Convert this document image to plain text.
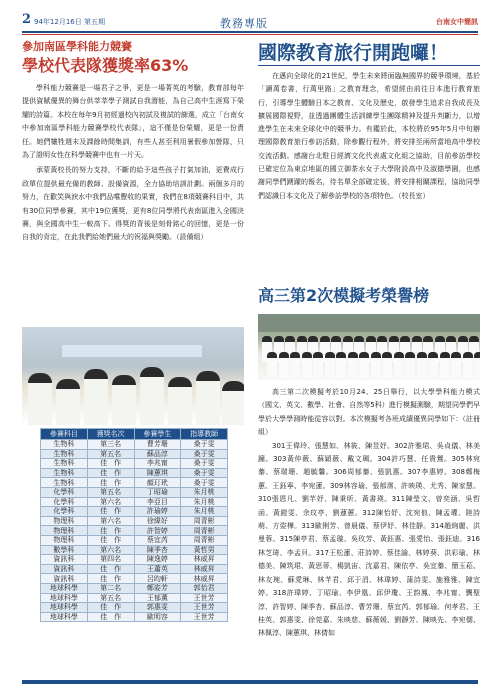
2 94年12月16日 第五期	教務專版	台南女中簡訊
參加南區學科能力競賽
學校代表隊獲獎率63%

學科能力競賽是一場君子之爭，更是一場菁英的考驗，教育部每年提供資賦優異的舞台供莘莘學子測試自我潛能，為自己高中生涯寫下榮耀的詩篇。本校在每年9月初經過校內初試及複試的篩選，成立「台南女中參加南區學科能力競賽學校代表隊」，這不僅是份榮耀，更是一份責任。她們犧牲週末及課餘時間集訓，有些人甚至利用暑假參加營隊，只為了證明女性在科學競賽中也有一片天。

承蒙黃校長的努力支持，不斷的給予這些孩子打氣加油，更費成行政單位提供最充備的教師、設備資源，全力協助培訓計劃。兩個多月的努力，在歡笑與淚水中我們品嚐豐收的果實，我們在8項競賽科目中，共有30位同學參賽，其中19位獲獎，更有8位同學將代表南區進入全國決賽，與全國高中生一較高下。得獎的背後是刻骨銘心的回憶，更是一份自我的肯定，在此我們給她們最大的祝福與獎勵。（設備組）

參賽科目	獲獎名次	參賽學生	指導教師
生物科	第三名	曹芳珊	桑于雯
生物科	第五名	蘇品淳	桑于雯
生物科	佳　作	李兆甯	桑于雯
生物科	佳　作	陳蕙琪	桑于雯
生物科	佳　作	顏玎玳	桑于雯
化學科	第五名	丁昭瑜	朱月桃
化學科	第六名	李亞目	朱月桃
化學科	佳　作	許瑜婷	朱月桃
物理科	第六名	徐緯好	周青彬
物理科	佳　作	許智婷	周青彬
物理科	佳　作	蔡宜芮	周青彬
數學科	第六名	陳季杏	黃哲男
資訊科	第四名	陳逸婷	林威昇
資訊科	佳　作	王蕭英	林威昇
資訊科	佳　作	呂昀軒	林威昇
地球科學	第二名	鄭姿芳	郭怡君
地球科學	第五名	王郁薰	王世芳
地球科學	佳　作	郭惠雯	王世芳
地球科學	佳　作	歐明容	王世芳
國際教育旅行開跑囉！

在邁向全球化的21世紀，學生未來將面臨無國界的競爭環境，基於「讀萬卷書，行萬里路」之教育理念，希望經由前往日本進行教育旅行，引導學生體驗日本之教育、文化及歷史，啟發學生追求自我成長及擴展國際視野，並透過團體生活訓練學生團隊精神及提升判斷力，以增進學生在未來全球化中的競爭力。有鑑於此，本校將於95年5月中旬辦理國際教育旅行參訪活動，除參觀行程外，將安排至兩所當地高中學校交流活動。感謝台北駐日經濟文化代表處文化組之協助，目前參訪學校已確定位為東京地區的國立御茶水女子大學附設高中及淑德學園，也感謝同學們踴躍的報名，待名單全部確定後，將安排相關課程，協助同學們認識日本文化及了解參訪學校的各項特色。（校長室）

高三第2次模擬考榮譽榜

高三第二次模擬考於10月24、25日舉行，以大學學科能力模式（國文、英文、數學、社會、自然等5科）進行模擬測驗，期望同學們早學於大學學測時能從容以對。本次模擬考各班成績優異同學如下：（註冊組）

301王偉玲、張慧如、林筱、陳昱妤。302許雅珺、吳貞儀、林美鐘。303黃仲薇、蘇穎薇、戴文珮。304許巧慧、任貴鶯。305林宛蓁、蔡瑞珊、趙毓馨。306周郁蓁、張凱惠。307李惠婷。308鄭梅蕙、王鈺寧、李宛蓮。309林容瑜、張郁霈、許映瑛、尤秀、陳家慧。310張恩凡、劉芊妤、陳秉昕、黃書瑛。311陳瑩文、曾奕涵、吳哲函、黃鐙雯、余玟亭、劉蓮蕙。312陳怡妤、沈宛俍、陳孟瓘、陸詩萌、方姿樺。313歐俐芳、曾晨儀、蔡伊妤、林佳靜。314趙絢麗、洪曼蓉。315陳亭君、蔡孟璇、吳玫芳、黃鈺惠、張愛怡、張鈺迪。316林芝琦、李孟貝。317王松蓮、莊詩婷、蔡佳諭、林婷葵、洪彩瑜、林德美、陳筑珺、黃思蒂、楊凱宙、沈嘉君、陳依亭、吳宜蓁、簡玉菘、林友琬、蘇愛琳、林芊君、邱于涓、林瑋婷、蒲詩雯、施雅雅、陳宜婷。318許瑋婷、丁昭瑜、李伊凰、邱伊瓊、王韵鳳、李兆甯、龔聖淳、許智婷、陳季杏、蘇品淳、曹芳珊、蔡宜芮、郭郁瑜、何孝君、王桂英、郭惠雯、徐莞嘉、朱映慈、蘇薇媛、劉靜芳、陳映先、李宛儒、林佩淳、陳蕙琪、林倩如
